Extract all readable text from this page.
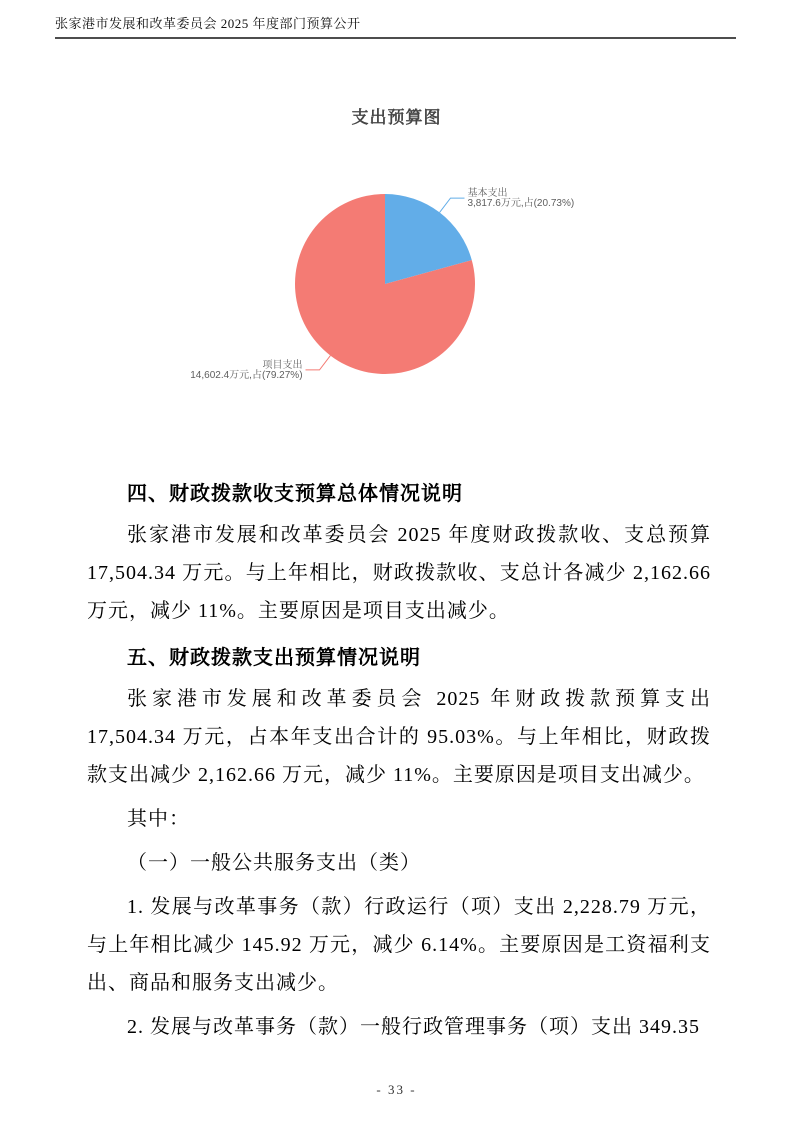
张家港市发展和改革委员会 2025 年度部门预算公开
支出预算图
基本支出
3,817.6万元,占(20.73%)
项目支出
14,602.4万元,占(79.27%)
四、财政拨款收支预算总体情况说明

张家港市发展和改革委员会 2025 年度财政拨款收、支总预算 17,504.34 万元。与上年相比，财政拨款收、支总计各减少 2,162.66 万元，减少 11%。主要原因是项目支出减少。

五、财政拨款支出预算情况说明

张家港市发展和改革委员会 2025 年财政拨款预算支出 17,504.34 万元，占本年支出合计的 95.03%。与上年相比，财政拨款支出减少 2,162.66 万元，减少 11%。主要原因是项目支出减少。

其中：

（一）一般公共服务支出（类）

1. 发展与改革事务（款）行政运行（项）支出 2,228.79 万元，与上年相比减少 145.92 万元，减少 6.14%。主要原因是工资福利支出、商品和服务支出减少。

2. 发展与改革事务（款）一般行政管理事务（项）支出 349.35

- 33 -
